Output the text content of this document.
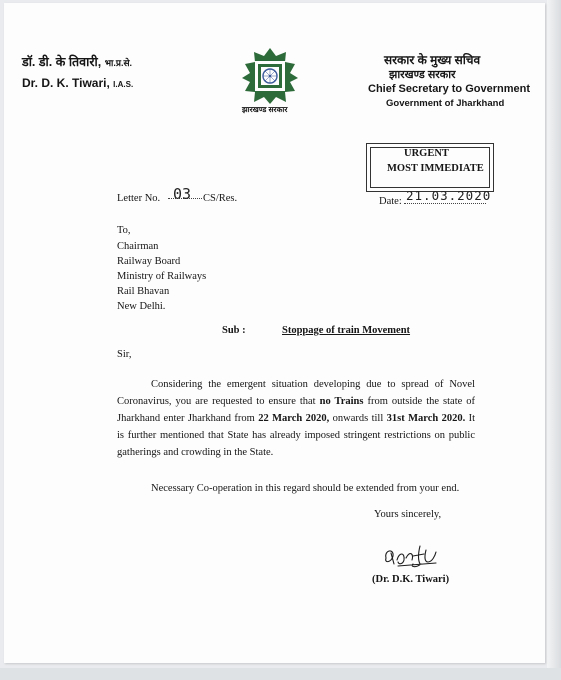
डॉ. डी. के तिवारी, भा.प्र.से.
Dr. D. K. Tiwari, I.A.S.
झारखण्ड सरकार
सरकार के मुख्य सचिव
झारखण्ड सरकार
Chief Secretary to Government
Government of Jharkhand
URGENT
MOST IMMEDIATE
Letter No. 03 CS/Res.	Date: 21.03.2020
To,
Chairman
Railway Board
Ministry of Railways
Rail Bhavan
New Delhi.
Sub :	Stoppage of train Movement
Sir,
Considering the emergent situation developing due to spread of Novel
Coronavirus, you are requested to ensure that no Trains from outside the state of
Jharkhand enter Jharkhand from 22 March 2020, onwards till 31st March 2020. It
is further mentioned that State has already imposed stringent restrictions on public
gatherings and crowding in the State.
Necessary Co-operation in this regard should be extended from your end.
Yours sincerely,
(Dr. D.K. Tiwari)
